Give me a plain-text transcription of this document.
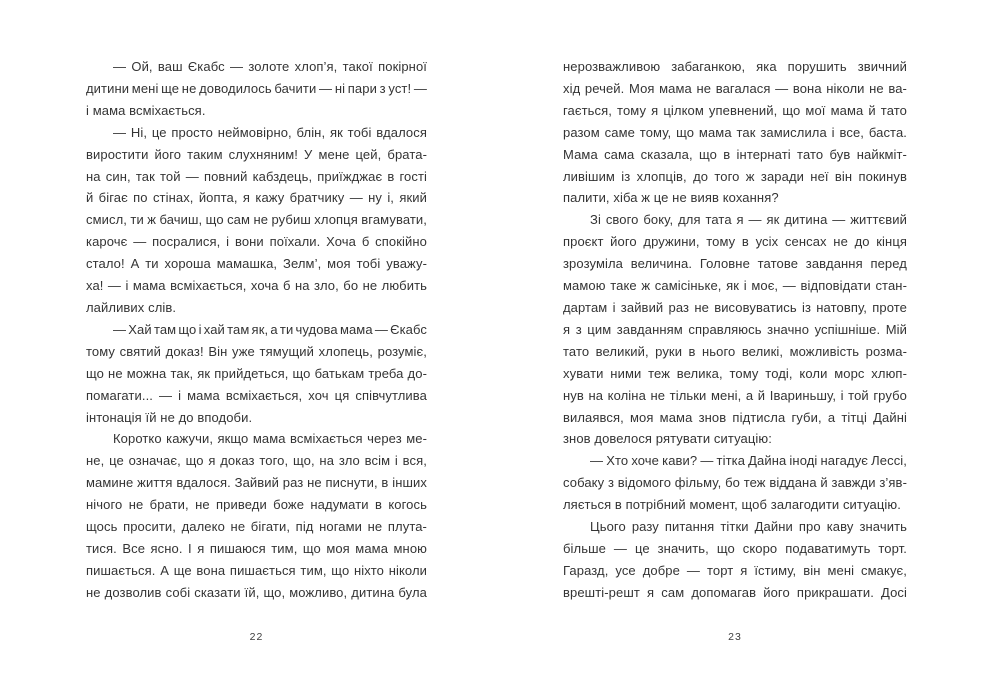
— Ой, ваш Єкабс — золоте хлоп’я, такої покірної
дитини мені ще не доводилось бачити — ні пари з уст! —
і мама всміхається.
— Ні, це просто неймовірно, блін, як тобі вдалося
виростити його таким слухняним! У мене цей, брата-
на син, так той — повний кабздець, приїжджає в гості
й бігає по стінах, йопта, я кажу братчику — ну і, який
смисл, ти ж бачиш, що сам не рубиш хлопця вгамувати,
карочє — посралися, і вони поїхали. Хоча б спокійно
стало! А ти хороша мамашка, Зелм’, моя тобі уважу-
ха! — і мама всміхається, хоча б на зло, бо не любить
лайливих слів.
— Хай там що і хай там як, а ти чудова мама — Єкабс
тому святий доказ! Він уже тямущий хлопець, розуміє,
що не можна так, як прийдеться, що батькам треба до-
помагати... — і мама всміхається, хоч ця співчутлива
інтонація їй не до вподоби.
Коротко кажучи, якщо мама всміхається через ме-
не, це означає, що я доказ того, що, на зло всім і вся,
мамине життя вдалося. Зайвий раз не писнути, в інших
нічого не брати, не приведи боже надумати в когось
щось просити, далеко не бігати, під ногами не плута-
тися. Все ясно. І я пишаюся тим, що моя мама мною
пишається. А ще вона пишається тим, що ніхто ніколи
не дозволив собі сказати їй, що, можливо, дитина була
22
нерозважливою забаганкою, яка порушить звичний
хід речей. Моя мама не вагалася — вона ніколи не ва-
гається, тому я цілком упевнений, що мої мама й тато
разом саме тому, що мама так замислила і все, баста.
Мама сама сказала, що в інтернаті тато був найкміт-
ливішим із хлопців, до того ж заради неї він покинув
палити, хіба ж це не вияв кохання?
Зі свого боку, для тата я — як дитина — життєвий
проєкт його дружини, тому в усіх сенсах не до кінця
зрозуміла величина. Головне татове завдання перед
мамою таке ж самісіньке, як і моє, — відповідати стан-
дартам і зайвий раз не висовуватись із натовпу, проте
я з цим завданням справляюсь значно успішніше. Мій
тато великий, руки в нього великі, можливість розма-
хувати ними теж велика, тому тоді, коли морс хлюп-
нув на коліна не тільки мені, а й Івариньшу, і той грубо
вилаявся, моя мама знов підтисла губи, а тітці Дайні
знов довелося рятувати ситуацію:
— Хто хоче кави? — тітка Дайна іноді нагадує Лессі,
собаку з відомого фільму, бо теж віддана й завжди з’яв-
ляється в потрібний момент, щоб залагодити ситуацію.
Цього разу питання тітки Дайни про каву значить
більше — це значить, що скоро подаватимуть торт.
Гаразд, усе добре — торт я їстиму, він мені смакує,
врешті-решт я сам допомагав його прикрашати. Досі
23
